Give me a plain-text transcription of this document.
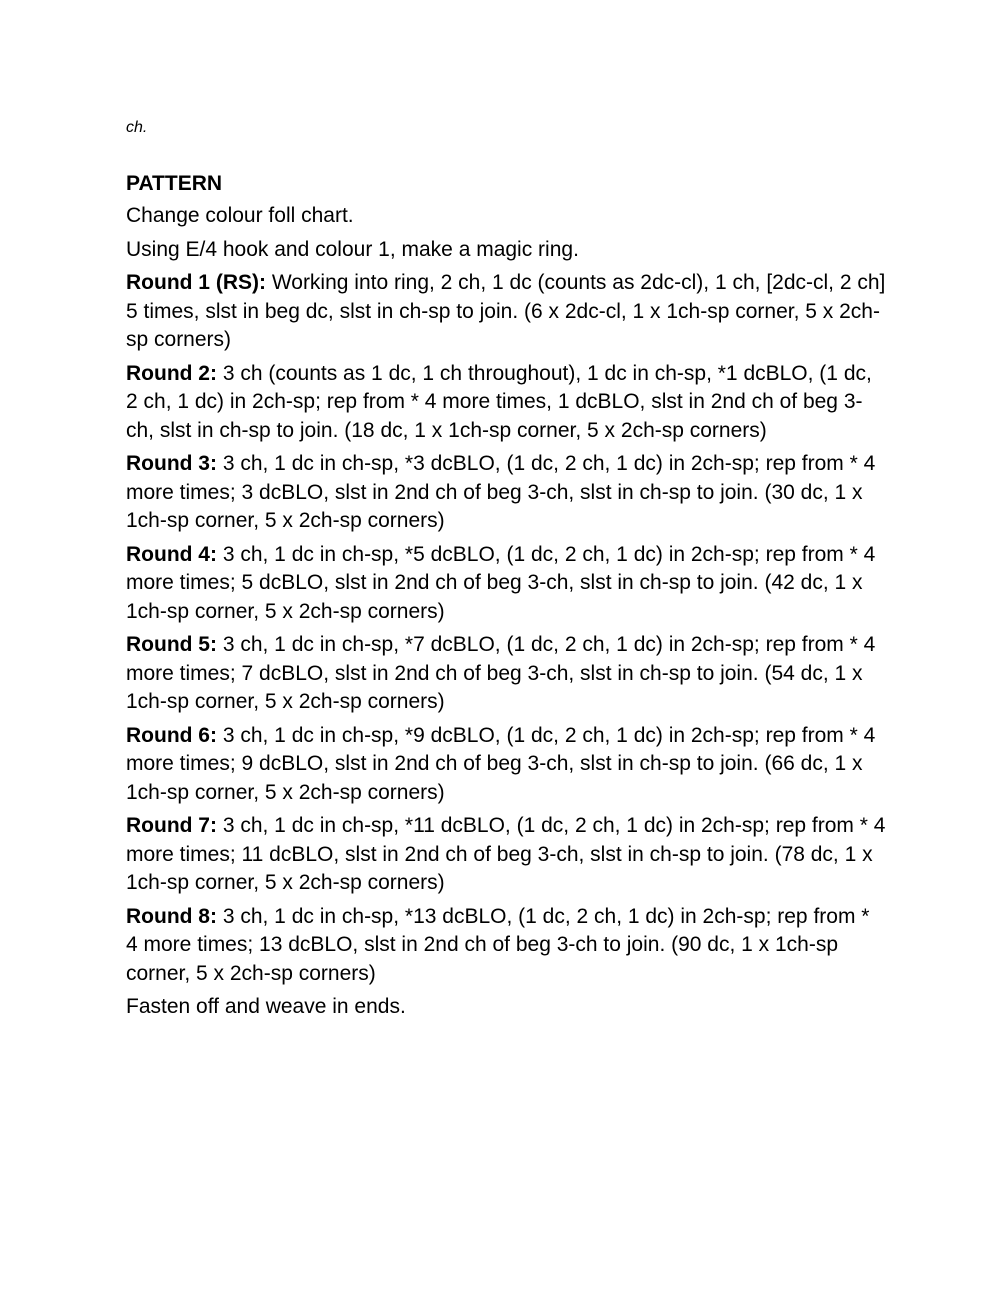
ch.

PATTERN

Change colour foll chart.

Using E/4 hook and colour 1, make a magic ring.

Round 1 (RS): Working into ring, 2 ch, 1 dc (counts as 2dc-cl), 1 ch, [2dc-cl, 2 ch] 5 times, slst in beg dc, slst in ch-sp to join. (6 x 2dc-cl, 1 x 1ch-sp corner, 5 x 2ch-sp corners)

Round 2: 3 ch (counts as 1 dc, 1 ch throughout), 1 dc in ch-sp, *1 dcBLO, (1 dc, 2 ch, 1 dc) in 2ch-sp; rep from * 4 more times, 1 dcBLO, slst in 2nd ch of beg 3-ch, slst in ch-sp to join. (18 dc, 1 x 1ch-sp corner, 5 x 2ch-sp corners)

Round 3: 3 ch, 1 dc in ch-sp, *3 dcBLO, (1 dc, 2 ch, 1 dc) in 2ch-sp; rep from * 4 more times; 3 dcBLO, slst in 2nd ch of beg 3-ch, slst in ch-sp to join. (30 dc, 1 x 1ch-sp corner, 5 x 2ch-sp corners)

Round 4: 3 ch, 1 dc in ch-sp, *5 dcBLO, (1 dc, 2 ch, 1 dc) in 2ch-sp; rep from * 4 more times; 5 dcBLO, slst in 2nd ch of beg 3-ch, slst in ch-sp to join. (42 dc, 1 x 1ch-sp corner, 5 x 2ch-sp corners)

Round 5: 3 ch, 1 dc in ch-sp, *7 dcBLO, (1 dc, 2 ch, 1 dc) in 2ch-sp; rep from * 4 more times; 7 dcBLO, slst in 2nd ch of beg 3-ch, slst in ch-sp to join. (54 dc, 1 x 1ch-sp corner, 5 x 2ch-sp corners)

Round 6: 3 ch, 1 dc in ch-sp, *9 dcBLO, (1 dc, 2 ch, 1 dc) in 2ch-sp; rep from * 4 more times; 9 dcBLO, slst in 2nd ch of beg 3-ch, slst in ch-sp to join. (66 dc, 1 x 1ch-sp corner, 5 x 2ch-sp corners)

Round 7: 3 ch, 1 dc in ch-sp, *11 dcBLO, (1 dc, 2 ch, 1 dc) in 2ch-sp; rep from * 4 more times; 11 dcBLO, slst in 2nd ch of beg 3-ch, slst in ch-sp to join. (78 dc, 1 x 1ch-sp corner, 5 x 2ch-sp corners)

Round 8: 3 ch, 1 dc in ch-sp, *13 dcBLO, (1 dc, 2 ch, 1 dc) in 2ch-sp; rep from * 4 more times; 13 dcBLO, slst in 2nd ch of beg 3-ch to join. (90 dc, 1 x 1ch-sp corner, 5 x 2ch-sp corners)

Fasten off and weave in ends.
